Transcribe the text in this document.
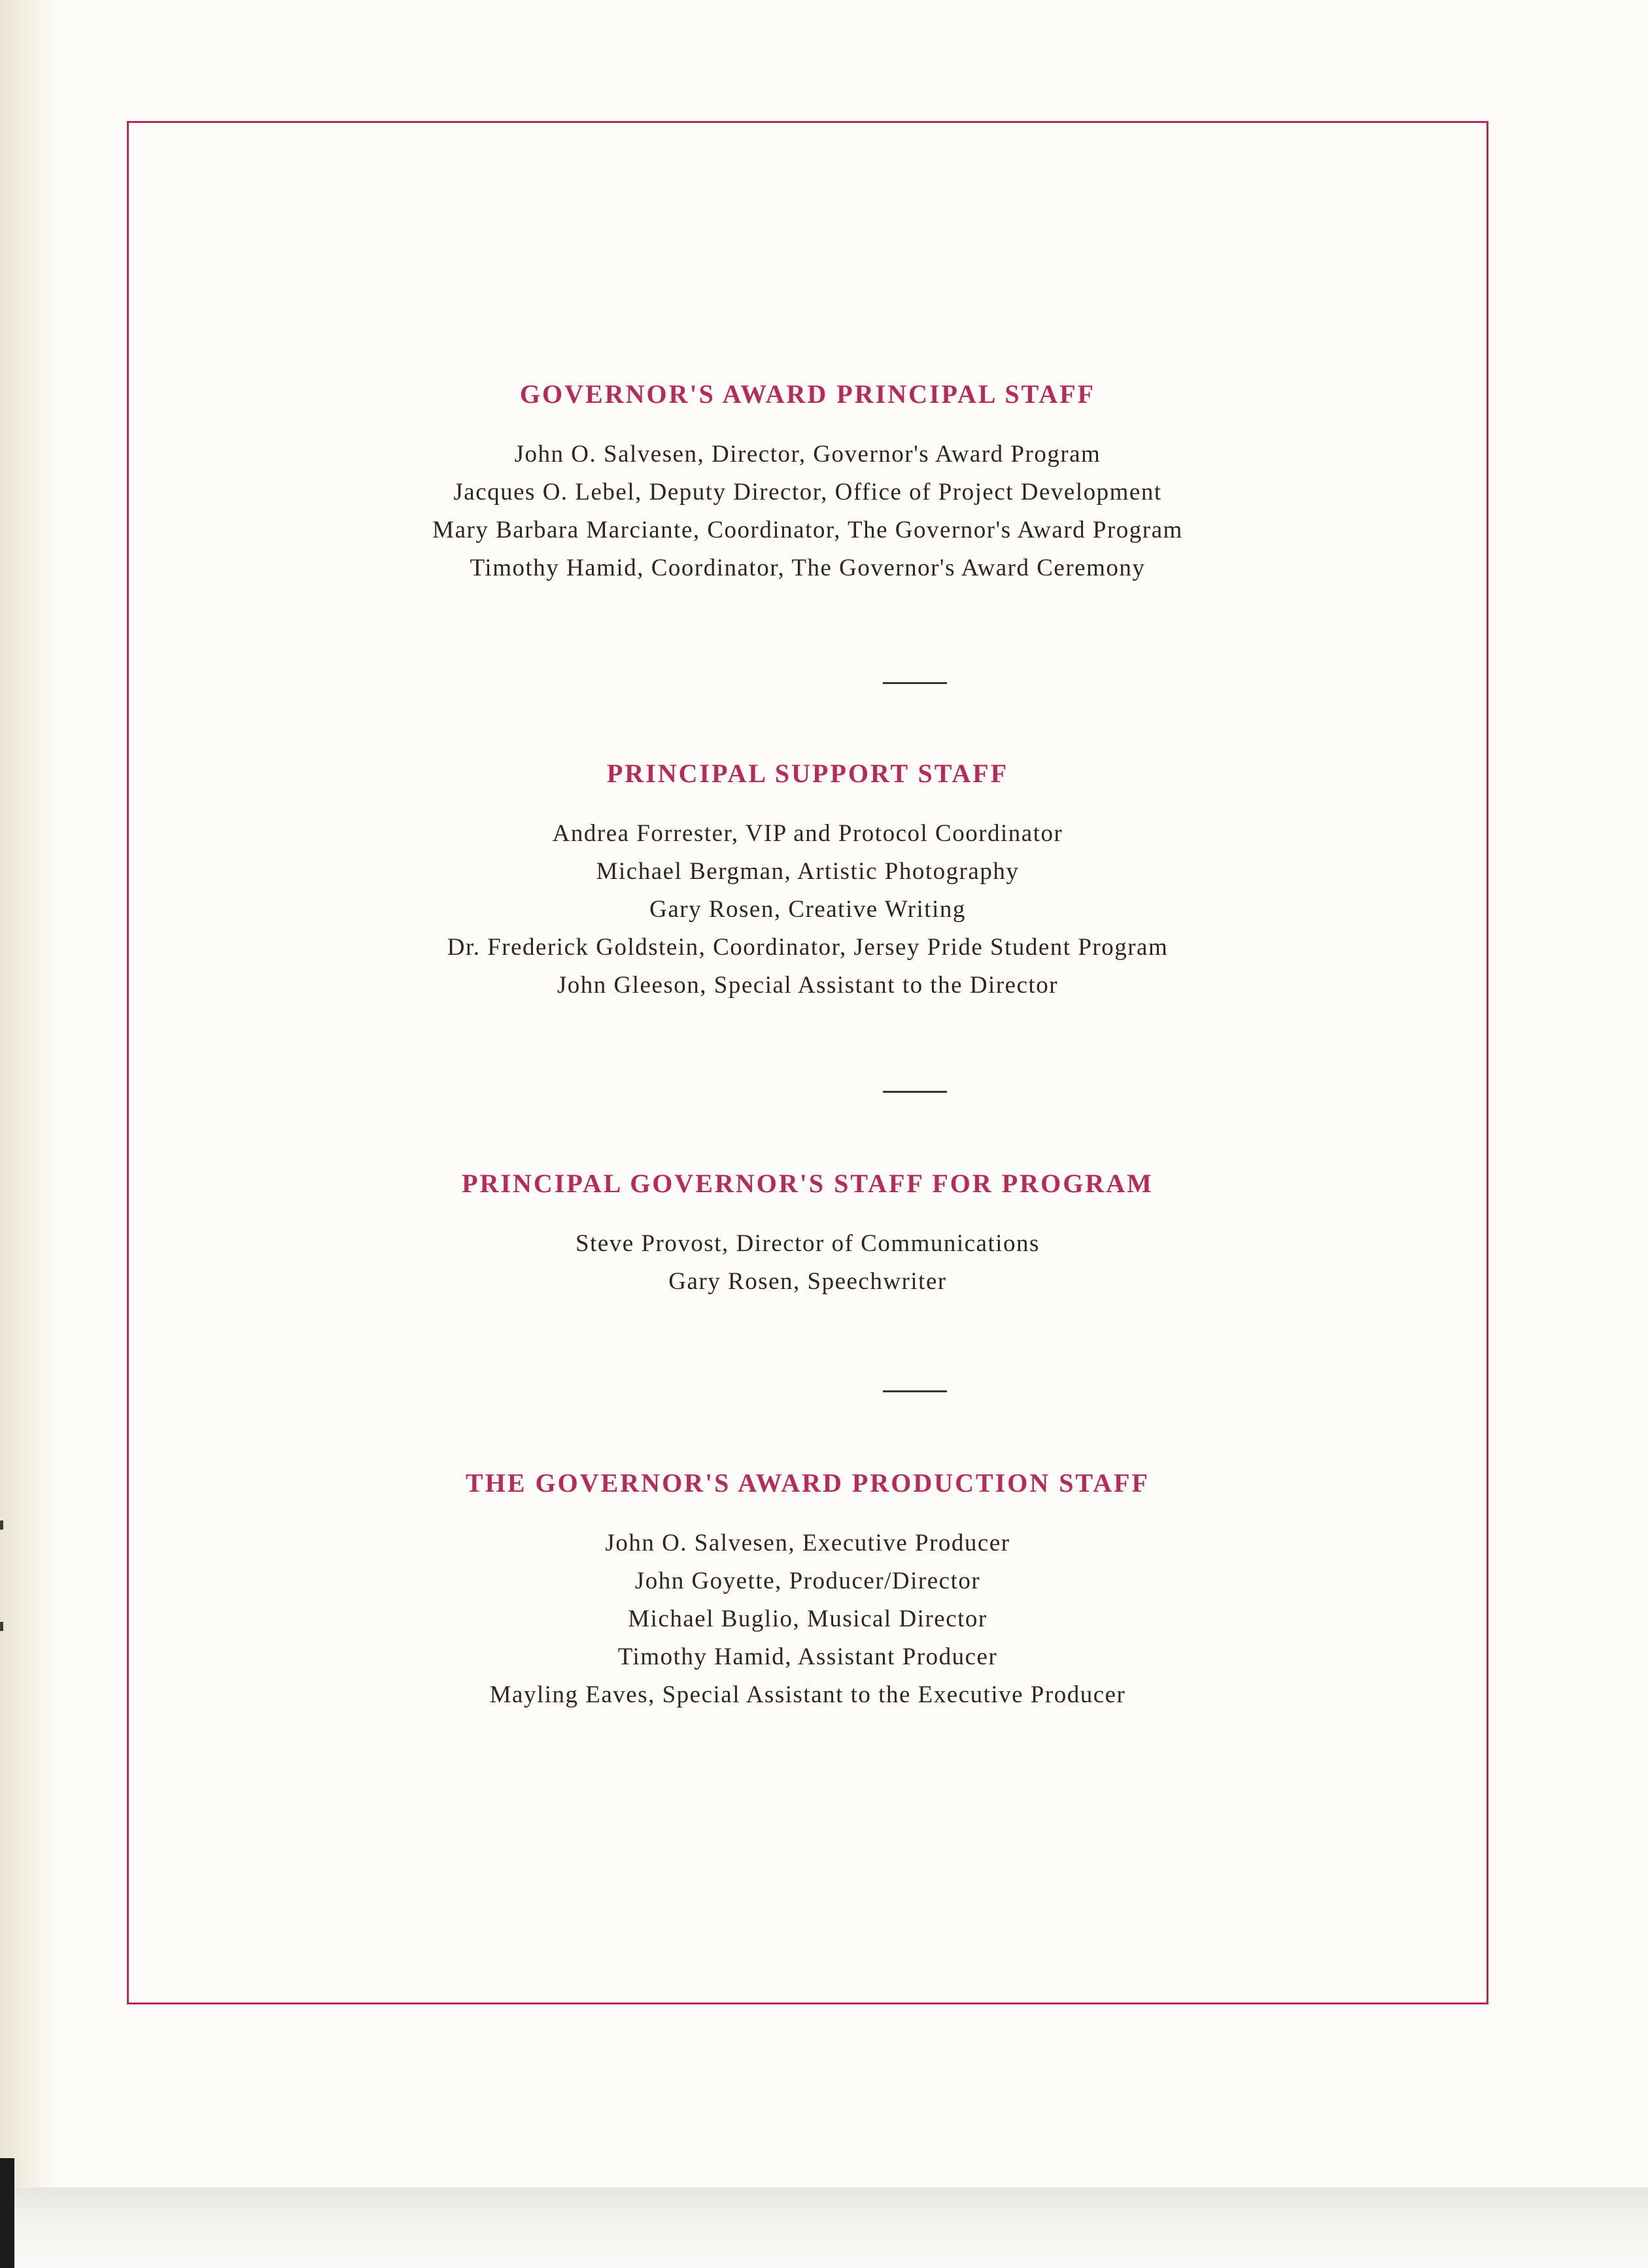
GOVERNOR'S AWARD PRINCIPAL STAFF

John O. Salvesen, Director, Governor's Award Program

Jacques O. Lebel, Deputy Director, Office of Project Development

Mary Barbara Marciante, Coordinator, The Governor's Award Program

Timothy Hamid, Coordinator, The Governor's Award Ceremony

PRINCIPAL SUPPORT STAFF

Andrea Forrester, VIP and Protocol Coordinator

Michael Bergman, Artistic Photography

Gary Rosen, Creative Writing

Dr. Frederick Goldstein, Coordinator, Jersey Pride Student Program

John Gleeson, Special Assistant to the Director

PRINCIPAL GOVERNOR'S STAFF FOR PROGRAM

Steve Provost, Director of Communications

Gary Rosen, Speechwriter

THE GOVERNOR'S AWARD PRODUCTION STAFF

John O. Salvesen, Executive Producer

John Goyette, Producer/Director

Michael Buglio, Musical Director

Timothy Hamid, Assistant Producer

Mayling Eaves, Special Assistant to the Executive Producer
